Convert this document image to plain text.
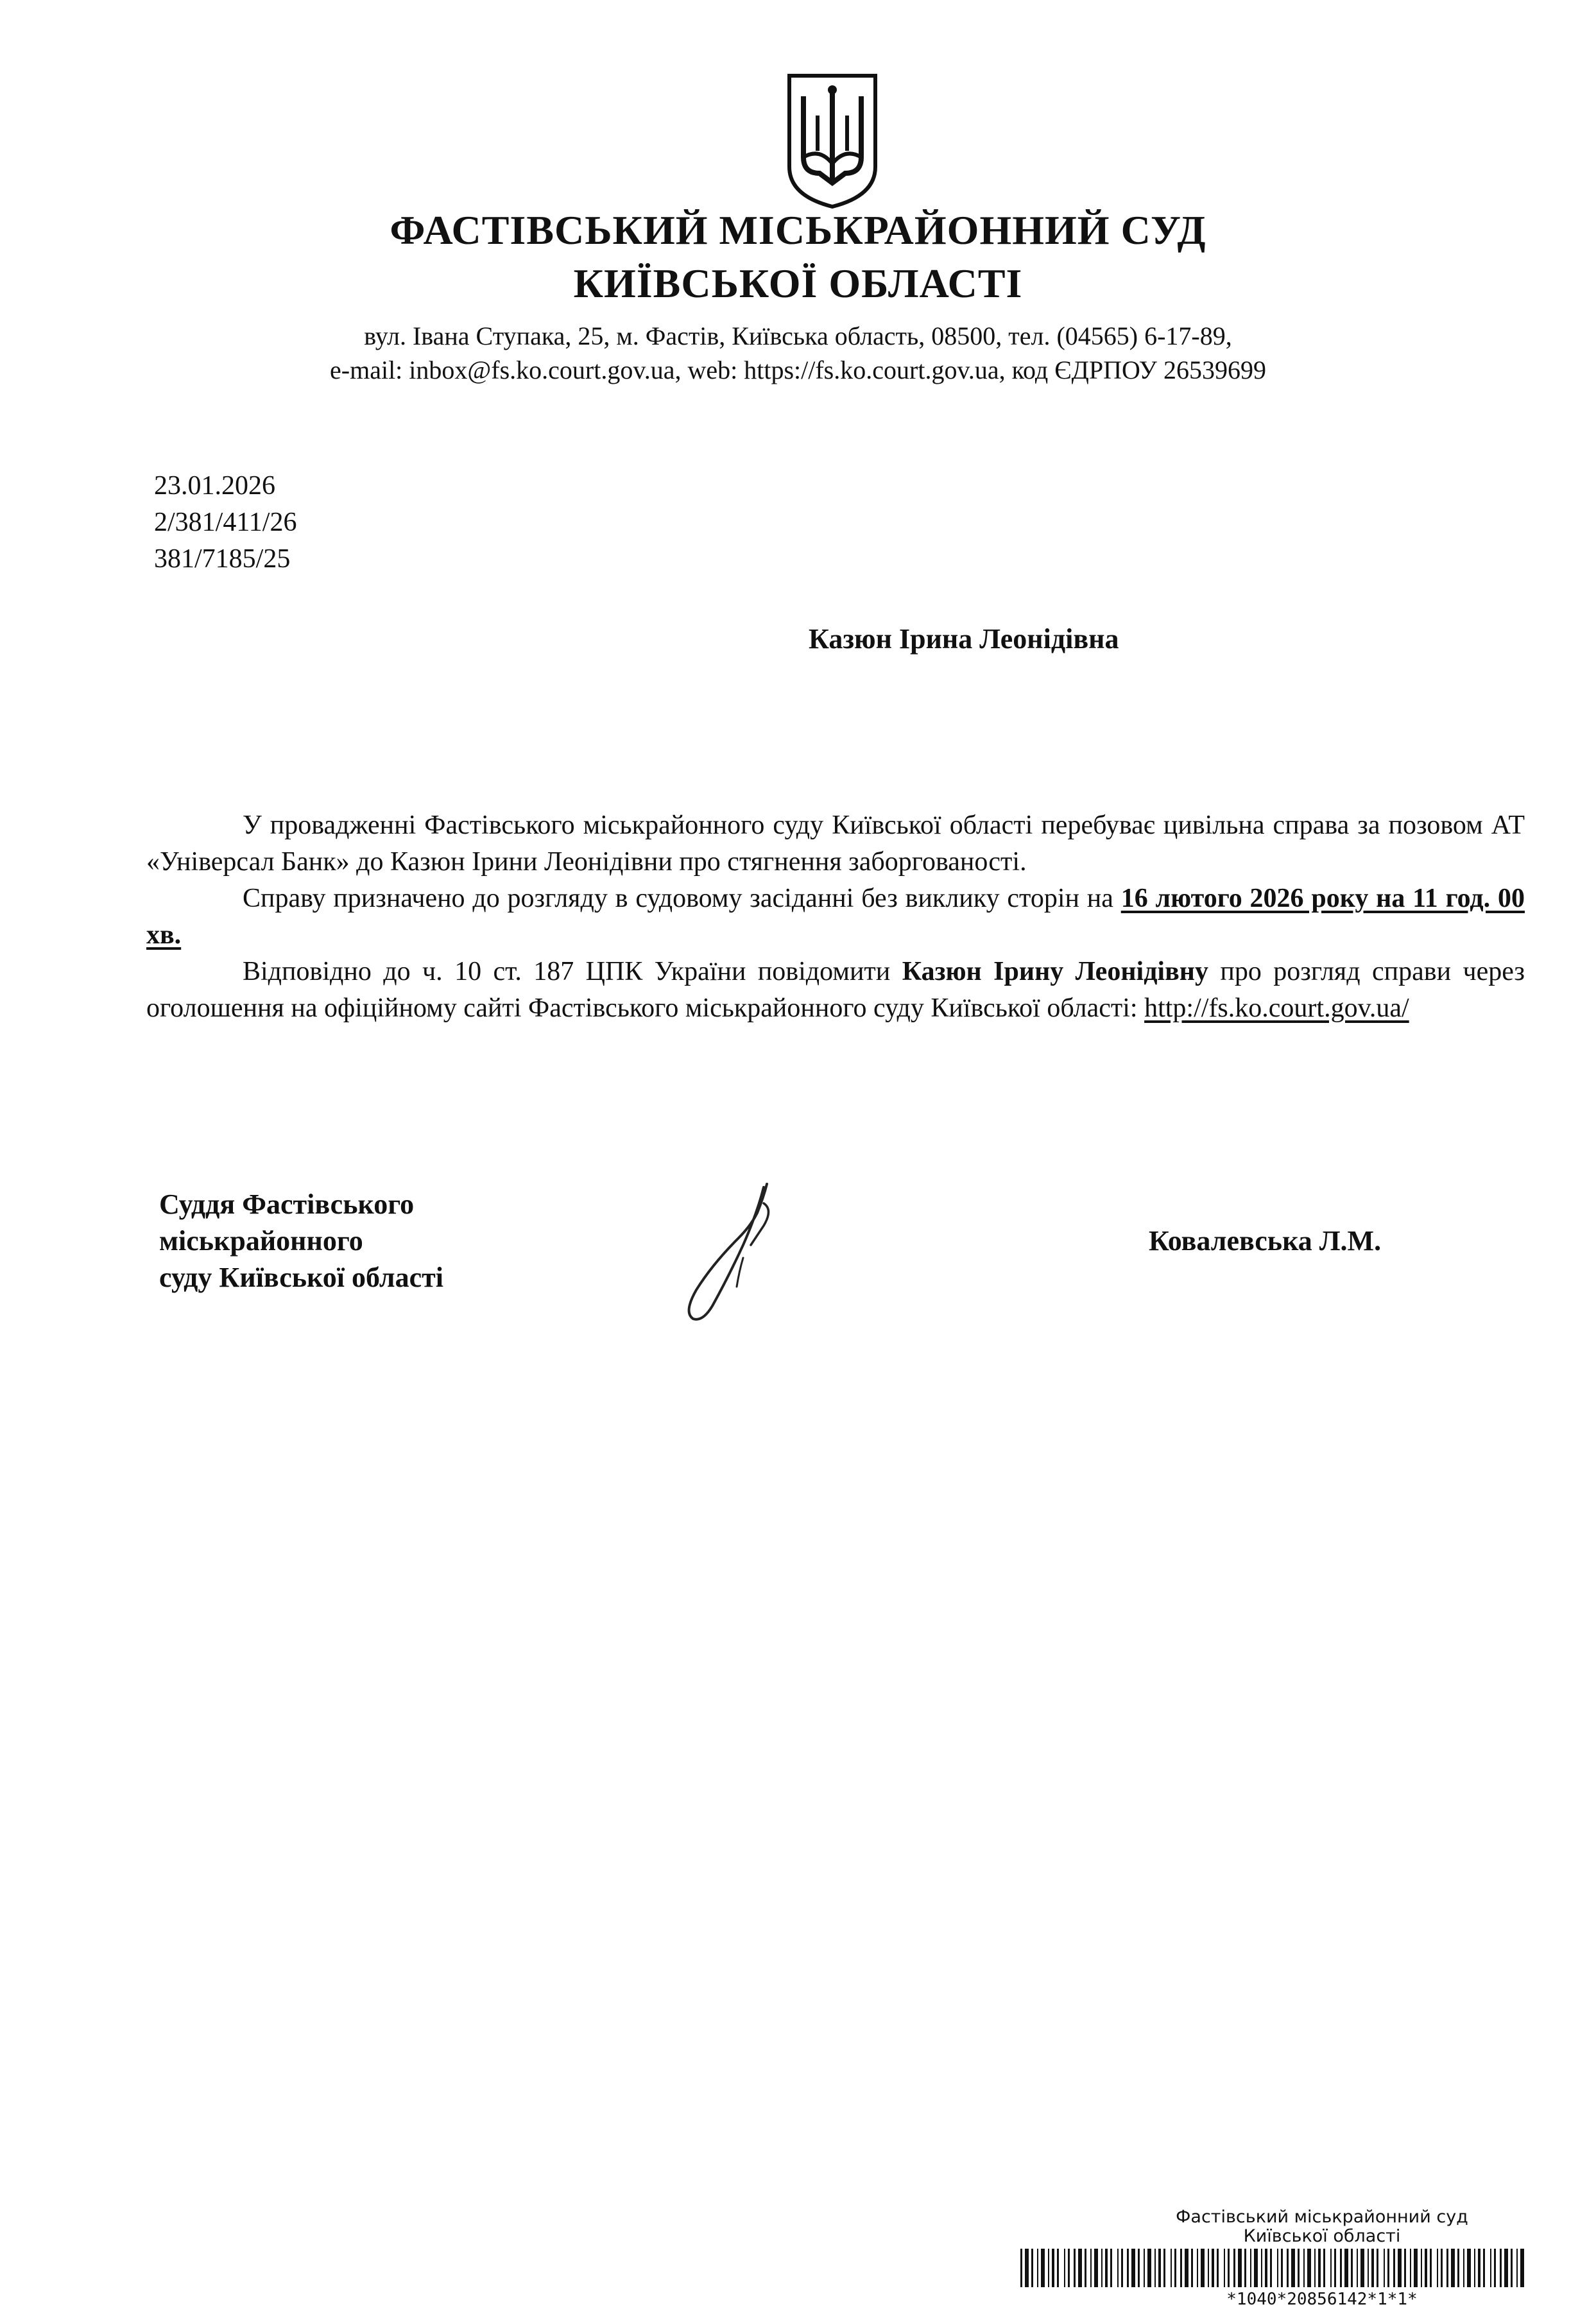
ФАСТІВСЬКИЙ МІСЬКРАЙОННИЙ СУД
КИЇВСЬКОЇ ОБЛАСТІ
вул. Івана Ступака, 25, м. Фастів, Київська область, 08500, тел. (04565) 6-17-89,
e-mail: inbox@fs.ko.court.gov.ua, web: https://fs.ko.court.gov.ua, код ЄДРПОУ 26539699
23.01.2026
2/381/411/26
381/7185/25
Казюн Ірина Леонідівна

У провадженні Фастівського міськрайонного суду Київської області перебуває цивільна справа за позовом АТ «Універсал Банк» до Казюн Ірини Леонідівни про стягнення заборгованості.

Справу призначено до розгляду в судовому засіданні без виклику сторін на 16 лютого 2026 року на 11 год. 00 хв.

Відповідно до ч. 10 ст. 187 ЦПК України повідомити Казюн Ірину Леонідівну про розгляд справи через оголошення на офіційному сайті Фастівського міськрайонного суду Київської області: http://fs.ko.court.gov.ua/

Суддя Фастівського
міськрайонного
суду Київської області
Ковалевська Л.М.
Фастівський міськрайонний суд
Київської області
*1040*20856142*1*1*
